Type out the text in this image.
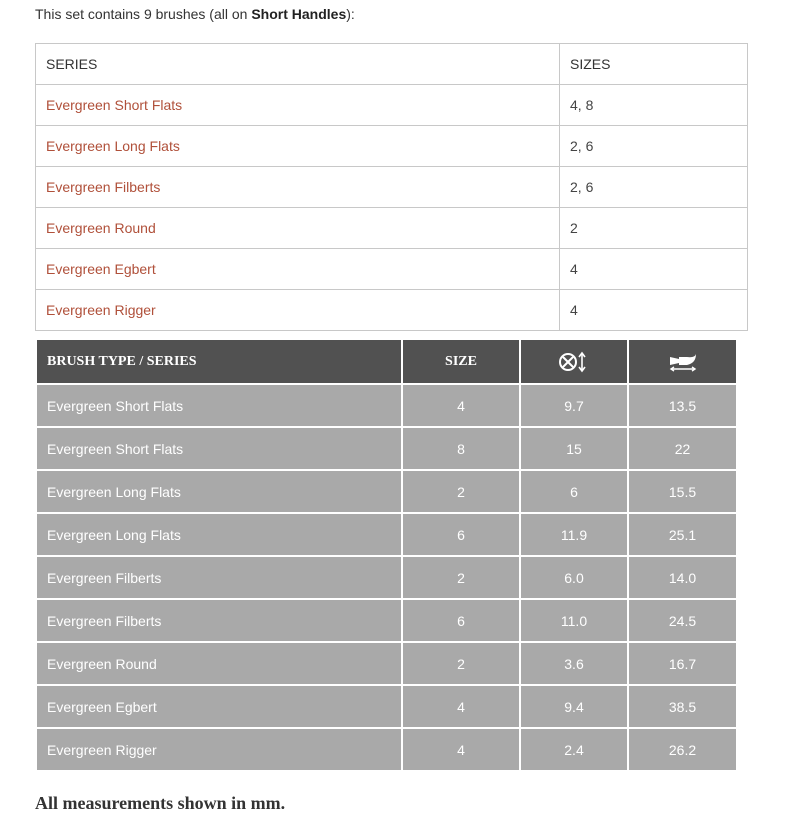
This set contains 9 brushes (all on Short Handles):

SERIES	SIZES
Evergreen Short Flats	4, 8
Evergreen Long Flats	2, 6
Evergreen Filberts	2, 6
Evergreen Round	2
Evergreen Egbert	4
Evergreen Rigger	4
BRUSH TYPE / SERIES	SIZE		
Evergreen Short Flats	4	9.7	13.5
Evergreen Short Flats	8	15	22
Evergreen Long Flats	2	6	15.5
Evergreen Long Flats	6	11.9	25.1
Evergreen Filberts	2	6.0	14.0
Evergreen Filberts	6	11.0	24.5
Evergreen Round	2	3.6	16.7
Evergreen Egbert	4	9.4	38.5
Evergreen Rigger	4	2.4	26.2
All measurements shown in mm.
